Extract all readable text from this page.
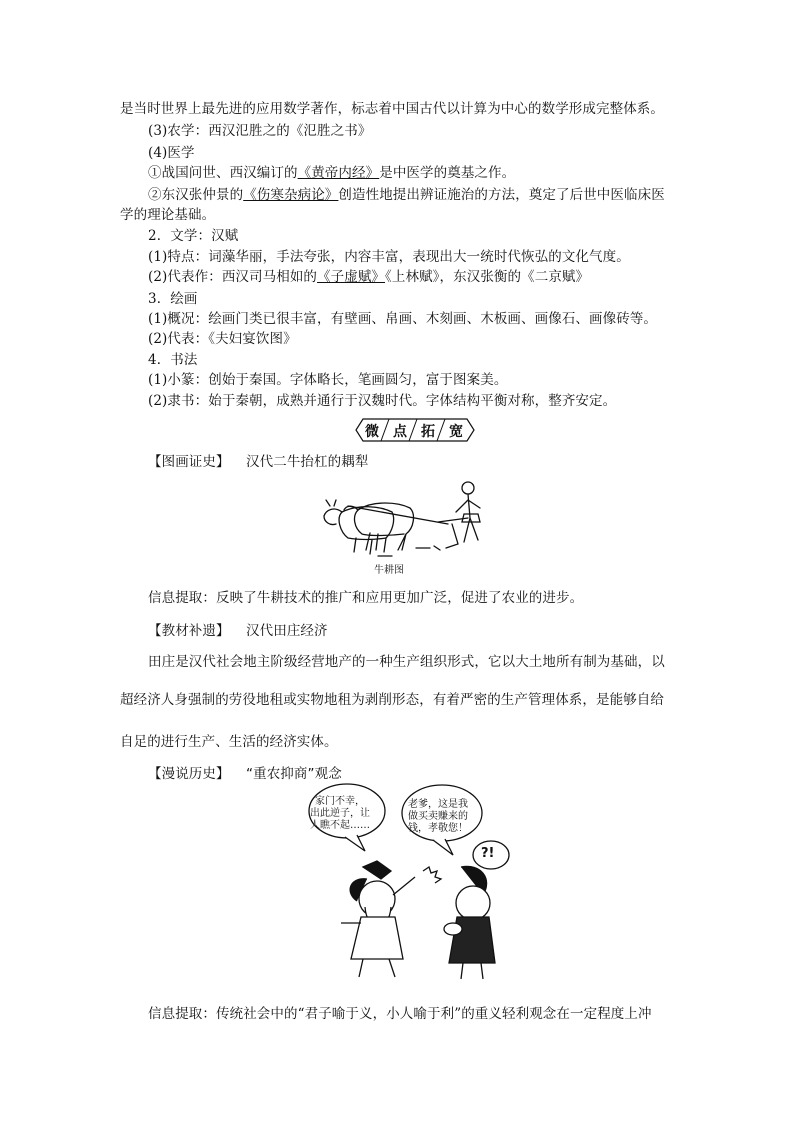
是当时世界上最先进的应用数学著作，标志着中国古代以计算为中心的数学形成完整体系。
(3)农学：西汉氾胜之的《氾胜之书》
(4)医学
①战国问世、西汉编订的《黄帝内经》是中医学的奠基之作。
②东汉张仲景的《伤寒杂病论》创造性地提出辨证施治的方法，奠定了后世中医临床医
学的理论基础。
2．文学：汉赋
(1)特点：词藻华丽，手法夸张，内容丰富，表现出大一统时代恢弘的文化气度。
(2)代表作：西汉司马相如的《子虚赋》《上林赋》，东汉张衡的《二京赋》
3．绘画
(1)概况：绘画门类已很丰富，有壁画、帛画、木刻画、木板画、画像石、画像砖等。
(2)代表：《夫妇宴饮图》
4．书法
(1)小篆：创始于秦国。字体略长，笔画圆匀，富于图案美。
(2)隶书：始于秦朝，成熟并通行于汉魏时代。字体结构平衡对称，整齐安定。
微 点 拓 宽
【图画证史】 汉代二牛抬杠的耦犁
牛耕图
信息提取：反映了牛耕技术的推广和应用更加广泛，促进了农业的进步。
【教材补遗】 汉代田庄经济
田庄是汉代社会地主阶级经营地产的一种生产组织形式，它以大土地所有制为基础，以
超经济人身强制的劳役地租或实物地租为剥削形态，有着严密的生产管理体系，是能够自给
自足的进行生产、生活的经济实体。
【漫说历史】 “重农抑商”观念
家门不幸，
出此逆子，让
人瞧不起……
老爹，这是我
做买卖赚来的
钱，孝敬您！
?!
信息提取：传统社会中的“君子喻于义，小人喻于利”的重义轻利观念在一定程度上冲
